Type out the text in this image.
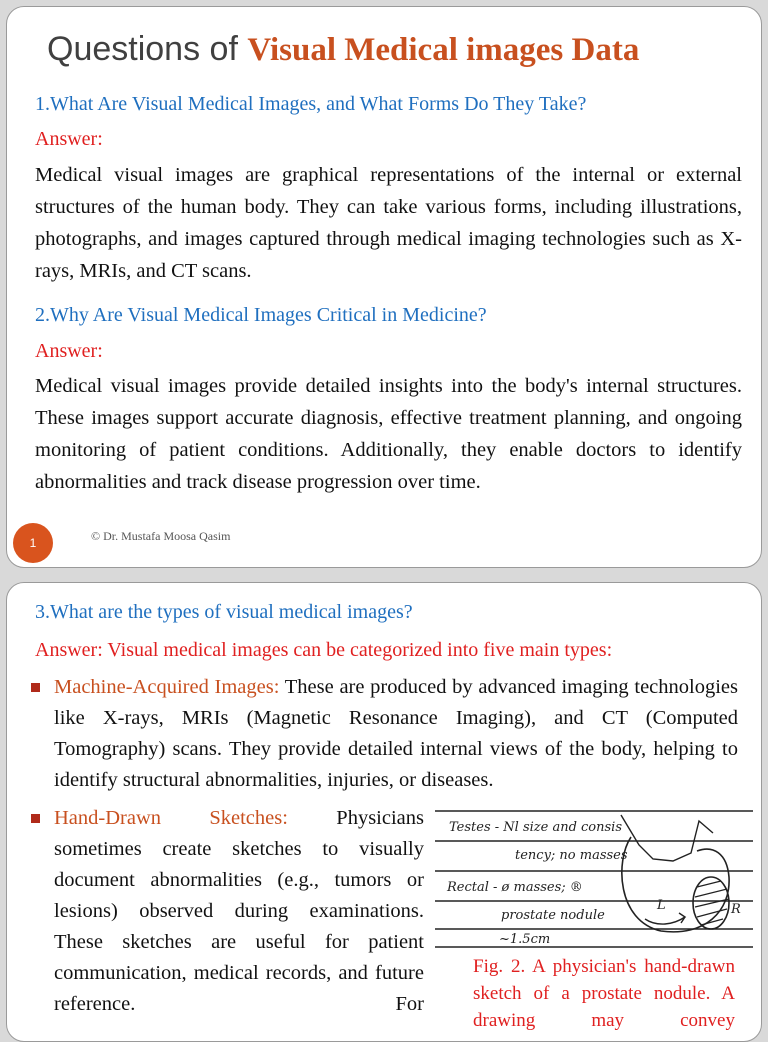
Questions of Visual Medical images Data
1.What Are Visual Medical Images, and What Forms Do They Take?
Answer:

Medical visual images are graphical representations of the internal or external structures of the human body. They can take various forms, including illustrations, photographs, and images captured through medical imaging technologies such as X-rays, MRIs, and CT scans.

2.Why Are Visual Medical Images Critical in Medicine?
Answer:

Medical visual images provide detailed insights into the body's internal structures. These images support accurate diagnosis, effective treatment planning, and ongoing monitoring of patient conditions. Additionally, they enable doctors to identify abnormalities and track disease progression over time.

1	© Dr. Mustafa Moosa Qasim
3.What are the types of visual medical images?
Answer: Visual medical images can be categorized into five main types:

Machine-Acquired Images: These are produced by advanced imaging technologies like X-rays, MRIs (Magnetic Resonance Imaging), and CT (Computed Tomography) scans. They provide detailed internal views of the body, helping to identify structural abnormalities, injuries, or diseases.

Hand-Drawn Sketches: Physicians sometimes create sketches to visually document abnormalities (e.g., tumors or lesions) observed during examinations. These sketches are useful for patient communication, medical records, and future reference. For

Testes - Nl size and consis
tency; no masses
Rectal - ø masses; ®
prostate nodule
~1.5cm
L	R

Fig. 2. A physician's hand-drawn sketch of a prostate nodule. A drawing may convey
